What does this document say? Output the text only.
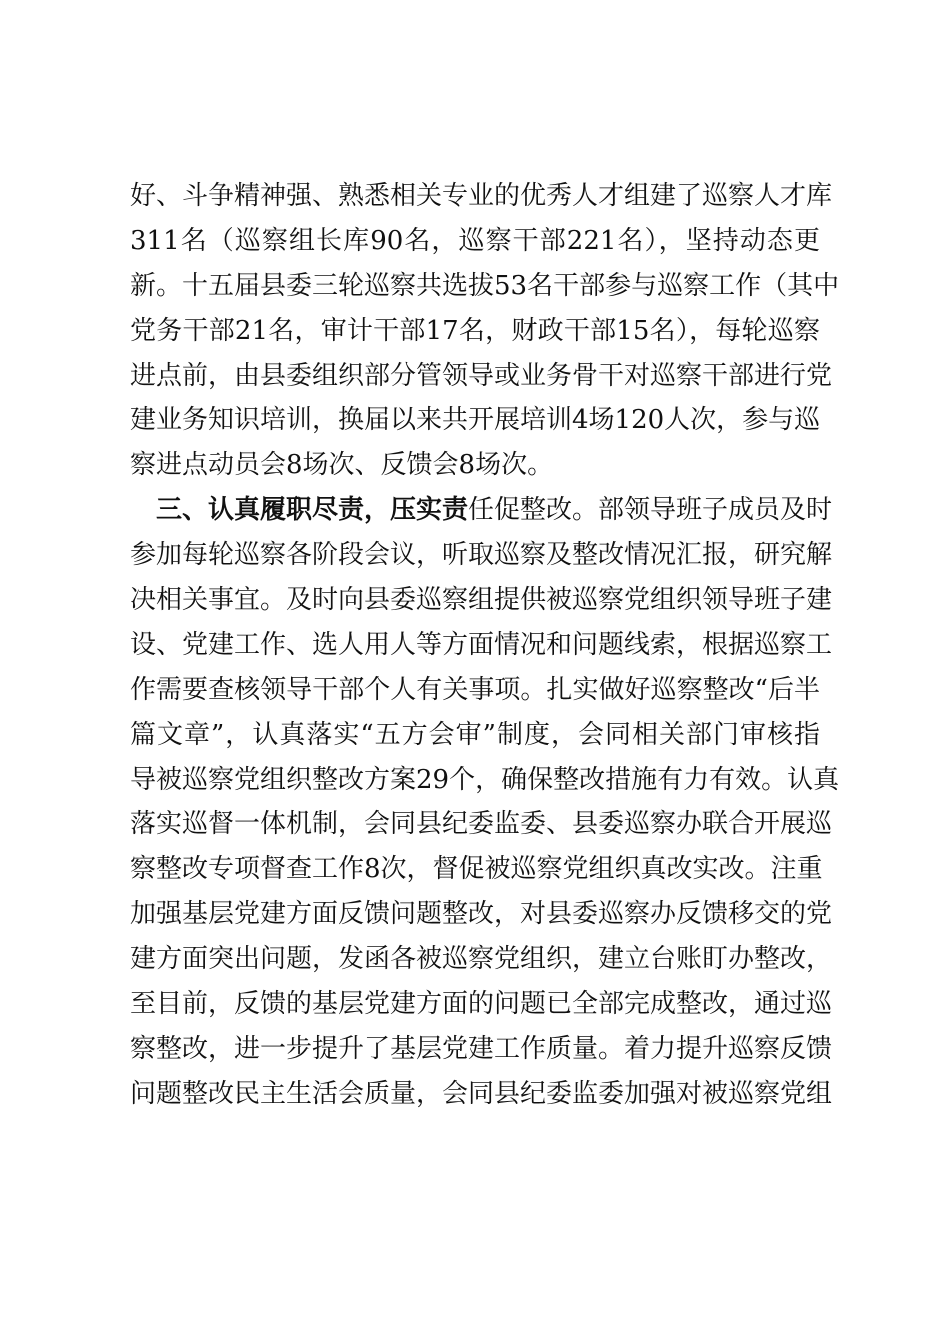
好、斗争精神强、熟悉相关专业的优秀人才组建了巡察人才库
311名（巡察组长库90名，巡察干部221名），坚持动态更
新。十五届县委三轮巡察共选拔53名干部参与巡察工作（其中
党务干部21名，审计干部17名，财政干部15名），每轮巡察
进点前，由县委组织部分管领导或业务骨干对巡察干部进行党
建业务知识培训，换届以来共开展培训4场120人次，参与巡
察进点动员会8场次、反馈会8场次。
三、认真履职尽责，压实责任促整改。部领导班子成员及时
参加每轮巡察各阶段会议，听取巡察及整改情况汇报，研究解
决相关事宜。及时向县委巡察组提供被巡察党组织领导班子建
设、党建工作、选人用人等方面情况和问题线索，根据巡察工
作需要查核领导干部个人有关事项。扎实做好巡察整改“后半
篇文章”，认真落实“五方会审”制度，会同相关部门审核指
导被巡察党组织整改方案29个，确保整改措施有力有效。认真
落实巡督一体机制，会同县纪委监委、县委巡察办联合开展巡
察整改专项督查工作8次，督促被巡察党组织真改实改。注重
加强基层党建方面反馈问题整改，对县委巡察办反馈移交的党
建方面突出问题，发函各被巡察党组织，建立台账盯办整改，
至目前，反馈的基层党建方面的问题已全部完成整改，通过巡
察整改，进一步提升了基层党建工作质量。着力提升巡察反馈
问题整改民主生活会质量，会同县纪委监委加强对被巡察党组
